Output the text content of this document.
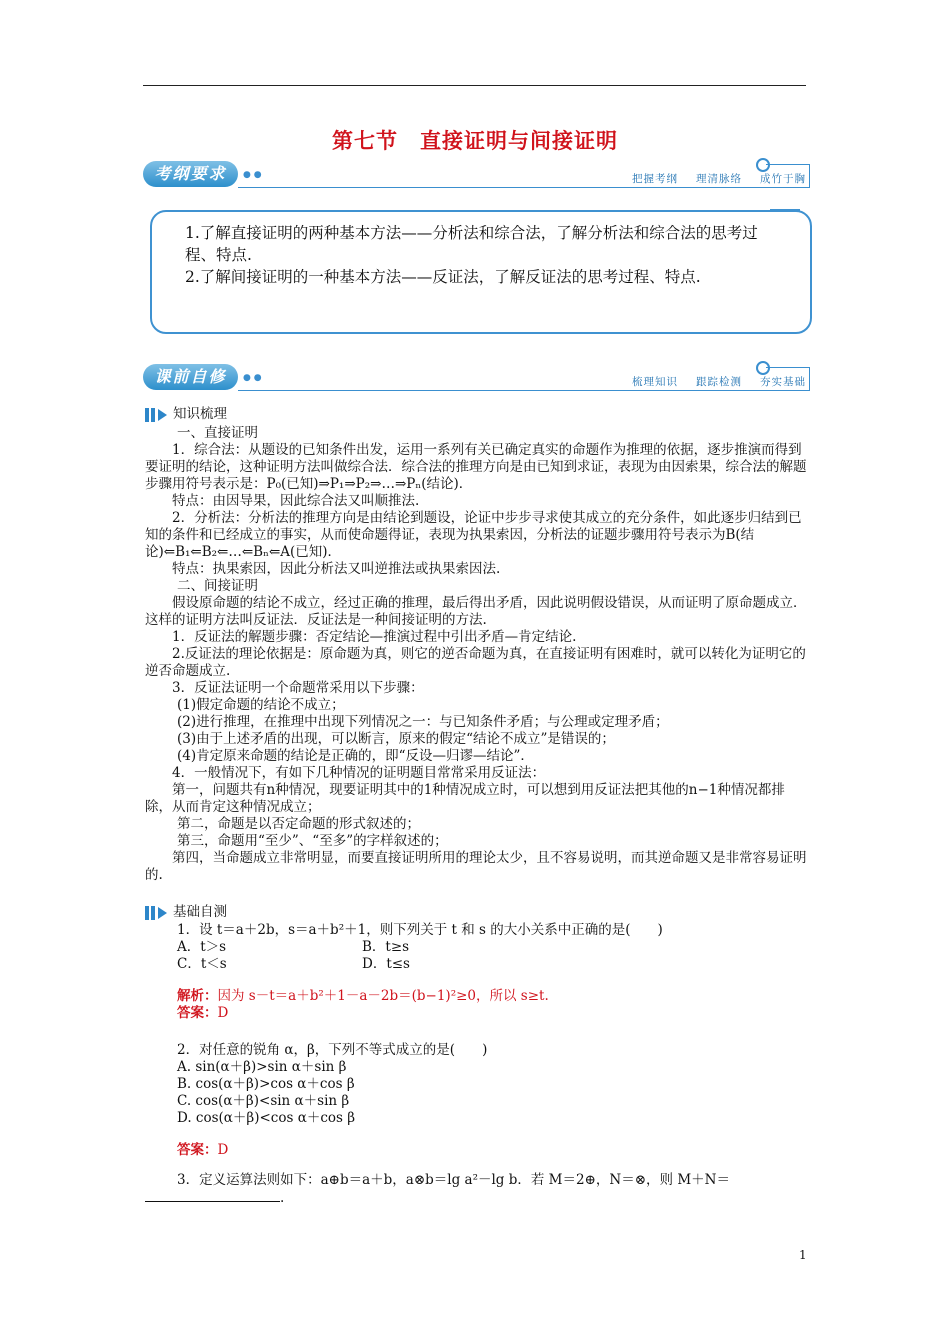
第七节　直接证明与间接证明
考纲要求	● ●	把握考纲 理清脉络 成竹于胸

1.了解直接证明的两种基本方法——分析法和综合法，了解分析法和综合法的思考过程、特点.

2.了解间接证明的一种基本方法——反证法，了解反证法的思考过程、特点.

课前自修	● ●	梳理知识 跟踪检测 夯实基础
知识梳理

一、直接证明

1．综合法：从题设的已知条件出发，运用一系列有关已确定真实的命题作为推理的依据，逐步推演而得到要证明的结论，这种证明方法叫做综合法．综合法的推理方向是由已知到求证，表现为由因索果，综合法的解题步骤用符号表示是：P₀(已知)⇒P₁⇒P₂⇒…⇒Pₙ(结论)．

特点：由因导果，因此综合法又叫顺推法.

2．分析法：分析法的推理方向是由结论到题设，论证中步步寻求使其成立的充分条件，如此逐步归结到已知的条件和已经成立的事实，从而使命题得证，表现为执果索因，分析法的证题步骤用符号表示为B(结论)⇐B₁⇐B₂⇐…⇐Bₙ⇐A(已知)．

特点：执果索因，因此分析法又叫逆推法或执果索因法.

二、间接证明

假设原命题的结论不成立，经过正确的推理，最后得出矛盾，因此说明假设错误，从而证明了原命题成立．这样的证明方法叫反证法．反证法是一种间接证明的方法.

1．反证法的解题步骤：否定结论—推演过程中引出矛盾—肯定结论.

2.反证法的理论依据是：原命题为真，则它的逆否命题为真，在直接证明有困难时，就可以转化为证明它的逆否命题成立.

3．反证法证明一个命题常采用以下步骤：

(1)假定命题的结论不成立；

(2)进行推理，在推理中出现下列情况之一：与已知条件矛盾；与公理或定理矛盾；

(3)由于上述矛盾的出现，可以断言，原来的假定“结论不成立”是错误的；

(4)肯定原来命题的结论是正确的，即“反设—归谬—结论”．

4．一般情况下，有如下几种情况的证明题目常常采用反证法：

第一，问题共有n种情况，现要证明其中的1种情况成立时，可以想到用反证法把其他的n−1种情况都排除，从而肯定这种情况成立；

第二，命题是以否定命题的形式叙述的；

第三，命题用“至少”、“至多”的字样叙述的；

第四，当命题成立非常明显，而要直接证明所用的理论太少，且不容易说明，而其逆命题又是非常容易证明的.

基础自测

1．设 t＝a＋2b，s＝a＋b²＋1，则下列关于 t 和 s 的大小关系中正确的是(　　)

A．t＞s	B．t≥s
C．t＜s	D．t≤s

解析：因为 s－t＝a＋b²＋1－a－2b＝(b−1)²≥0，所以 s≥t.

答案：D

2．对任意的锐角 α，β，下列不等式成立的是(　　)

A. sin(α＋β)>sin α＋sin β

B. cos(α＋β)>cos α＋cos β

C. cos(α＋β)<sin α＋sin β

D. cos(α＋β)<cos α＋cos β

答案：D

3．定义运算法则如下：a⊕b＝a＋b，a⊗b＝lg a²－lg b．若 M＝2⊕，N＝⊗，则 M＋N＝

.

1
